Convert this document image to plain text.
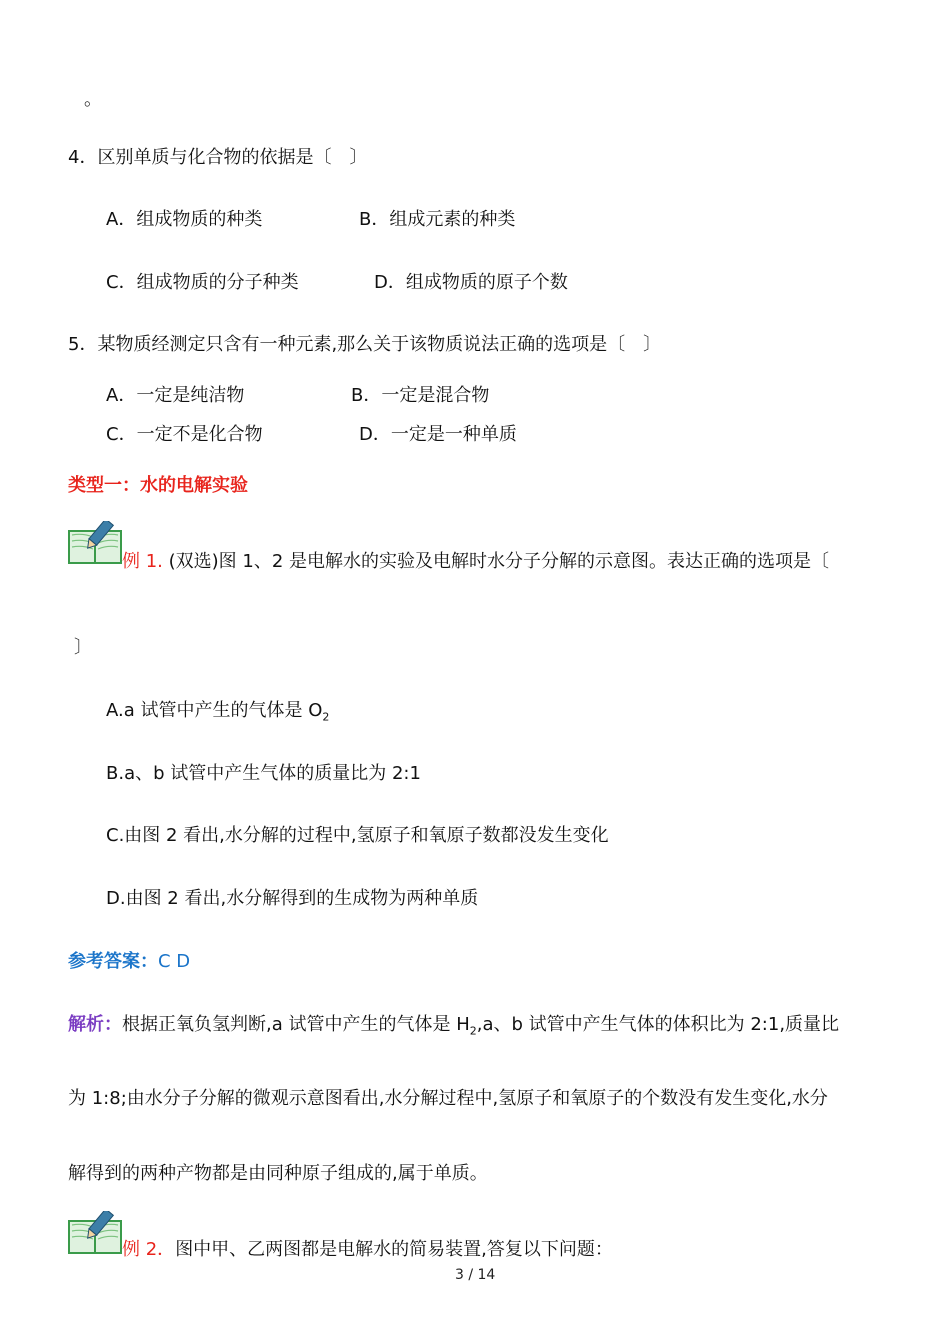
。
4．区别单质与化合物的依据是〔　〕
A．组成物质的种类	B．组成元素的种类
C．组成物质的分子种类	D．组成物质的原子个数
5．某物质经测定只含有一种元素,那么关于该物质说法正确的选项是〔　〕
A．一定是纯洁物	B．一定是混合物
C．一定不是化合物	D．一定是一种单质
类型一：水的电解实验
例 1. (双选)图 1、2 是电解水的实验及电解时水分子分解的示意图。表达正确的选项是〔
〕
A.a 试管中产生的气体是 $O_2$
B.a、b 试管中产生气体的质量比为 2:1
C.由图 2 看出,水分解的过程中,氢原子和氧原子数都没发生变化
D.由图 2 看出,水分解得到的生成物为两种单质
参考答案：C D
解析：根据正氧负氢判断,a 试管中产生的气体是 $H_2,a$、b 试管中产生气体的体积比为 2:1,质量比
为 1:8;由水分子分解的微观示意图看出,水分解过程中,氢原子和氧原子的个数没有发生变化,水分
解得到的两种产物都是由同种原子组成的,属于单质。
例 2．图中甲、乙两图都是电解水的简易装置,答复以下问题：
3 / 14
